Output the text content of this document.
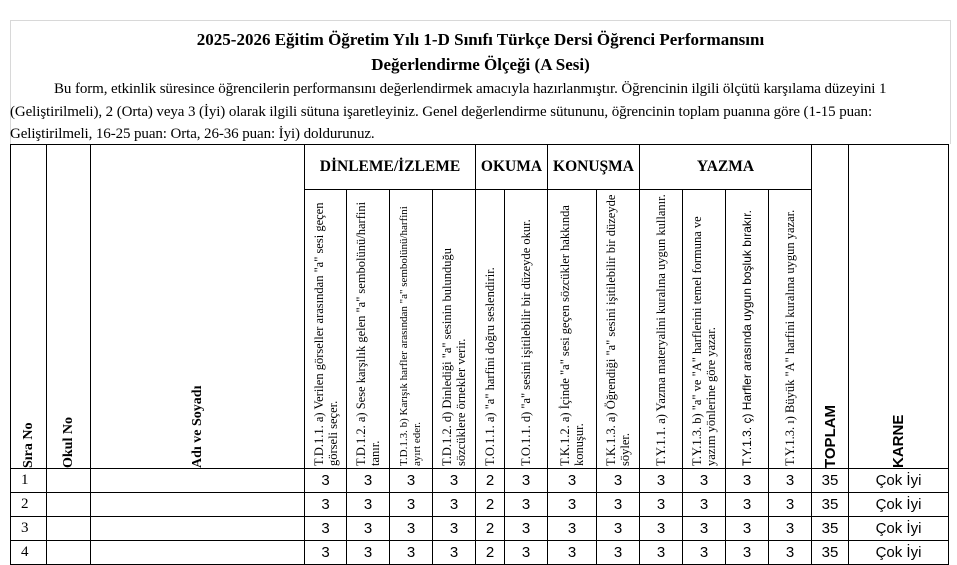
2025-2026 Eğitim Öğretim Yılı 1-D Sınıfı Türkçe Dersi Öğrenci Performansını
Değerlendirme Ölçeği (A Sesi)
Bu form, etkinlik süresince öğrencilerin performansını değerlendirmek amacıyla hazırlanmıştır. Öğrencinin ilgili ölçütü karşılama düzeyini 1 (Geliştirilmeli), 2 (Orta) veya 3 (İyi) olarak ilgili sütuna işaretleyiniz. Genel değerlendirme sütununu, öğrencinin toplam puanına göre (1-15 puan: Geliştirilmeli, 16-25 puan: Orta, 26-36 puan: İyi) doldurunuz.
Sıra No	Okul No	Adı ve Soyadı	DİNLEME/İZLEME				OKUMA		KONUŞMA		YAZMA				TOPLAM	KARNE

			T.D.1.1. a) Verilen görseller arasından "a" sesi geçen görseli seçer.	T.D.1.2. a) Sese karşılık gelen "a" sembolünü/harfini tanır.	T.D.1.3. b) Karışık harfler arasından "a" sembolünü/harfini ayırt eder.	T.D.1.2. d) Dinlediği "a" sesinin bulunduğu sözcüklere örnekler verir.	T.O.1.1. a) "a" harfini doğru seslendirir.	T.O.1.1. d) "a" sesini işitilebilir bir düzeyde okur.	T.K.1.2. a) İçinde "a" sesi geçen sözcükler hakkında konuşur.	T.K.1.3. a) Öğrendiği "a" sesini işitilebilir bir düzeyde söyler.	T.Y.1.1. a) Yazma materyalini kuralına uygun kullanır.	T.Y.1.3. b) "a" ve "A" harflerini temel formuna ve yazım yönlerine göre yazar.	T.Y.1.3. ç) Harfler arasında uygun boşluk bırakır.	T.Y.1.3. ı) Büyük "A" harfini kuralına uygun yazar.		

1			3	3	3	3	2	3	3	3	3	3	3	3	35	Çok İyi
2			3	3	3	3	2	3	3	3	3	3	3	3	35	Çok İyi
3			3	3	3	3	2	3	3	3	3	3	3	3	35	Çok İyi
4			3	3	3	3	2	3	3	3	3	3	3	3	35	Çok İyi
